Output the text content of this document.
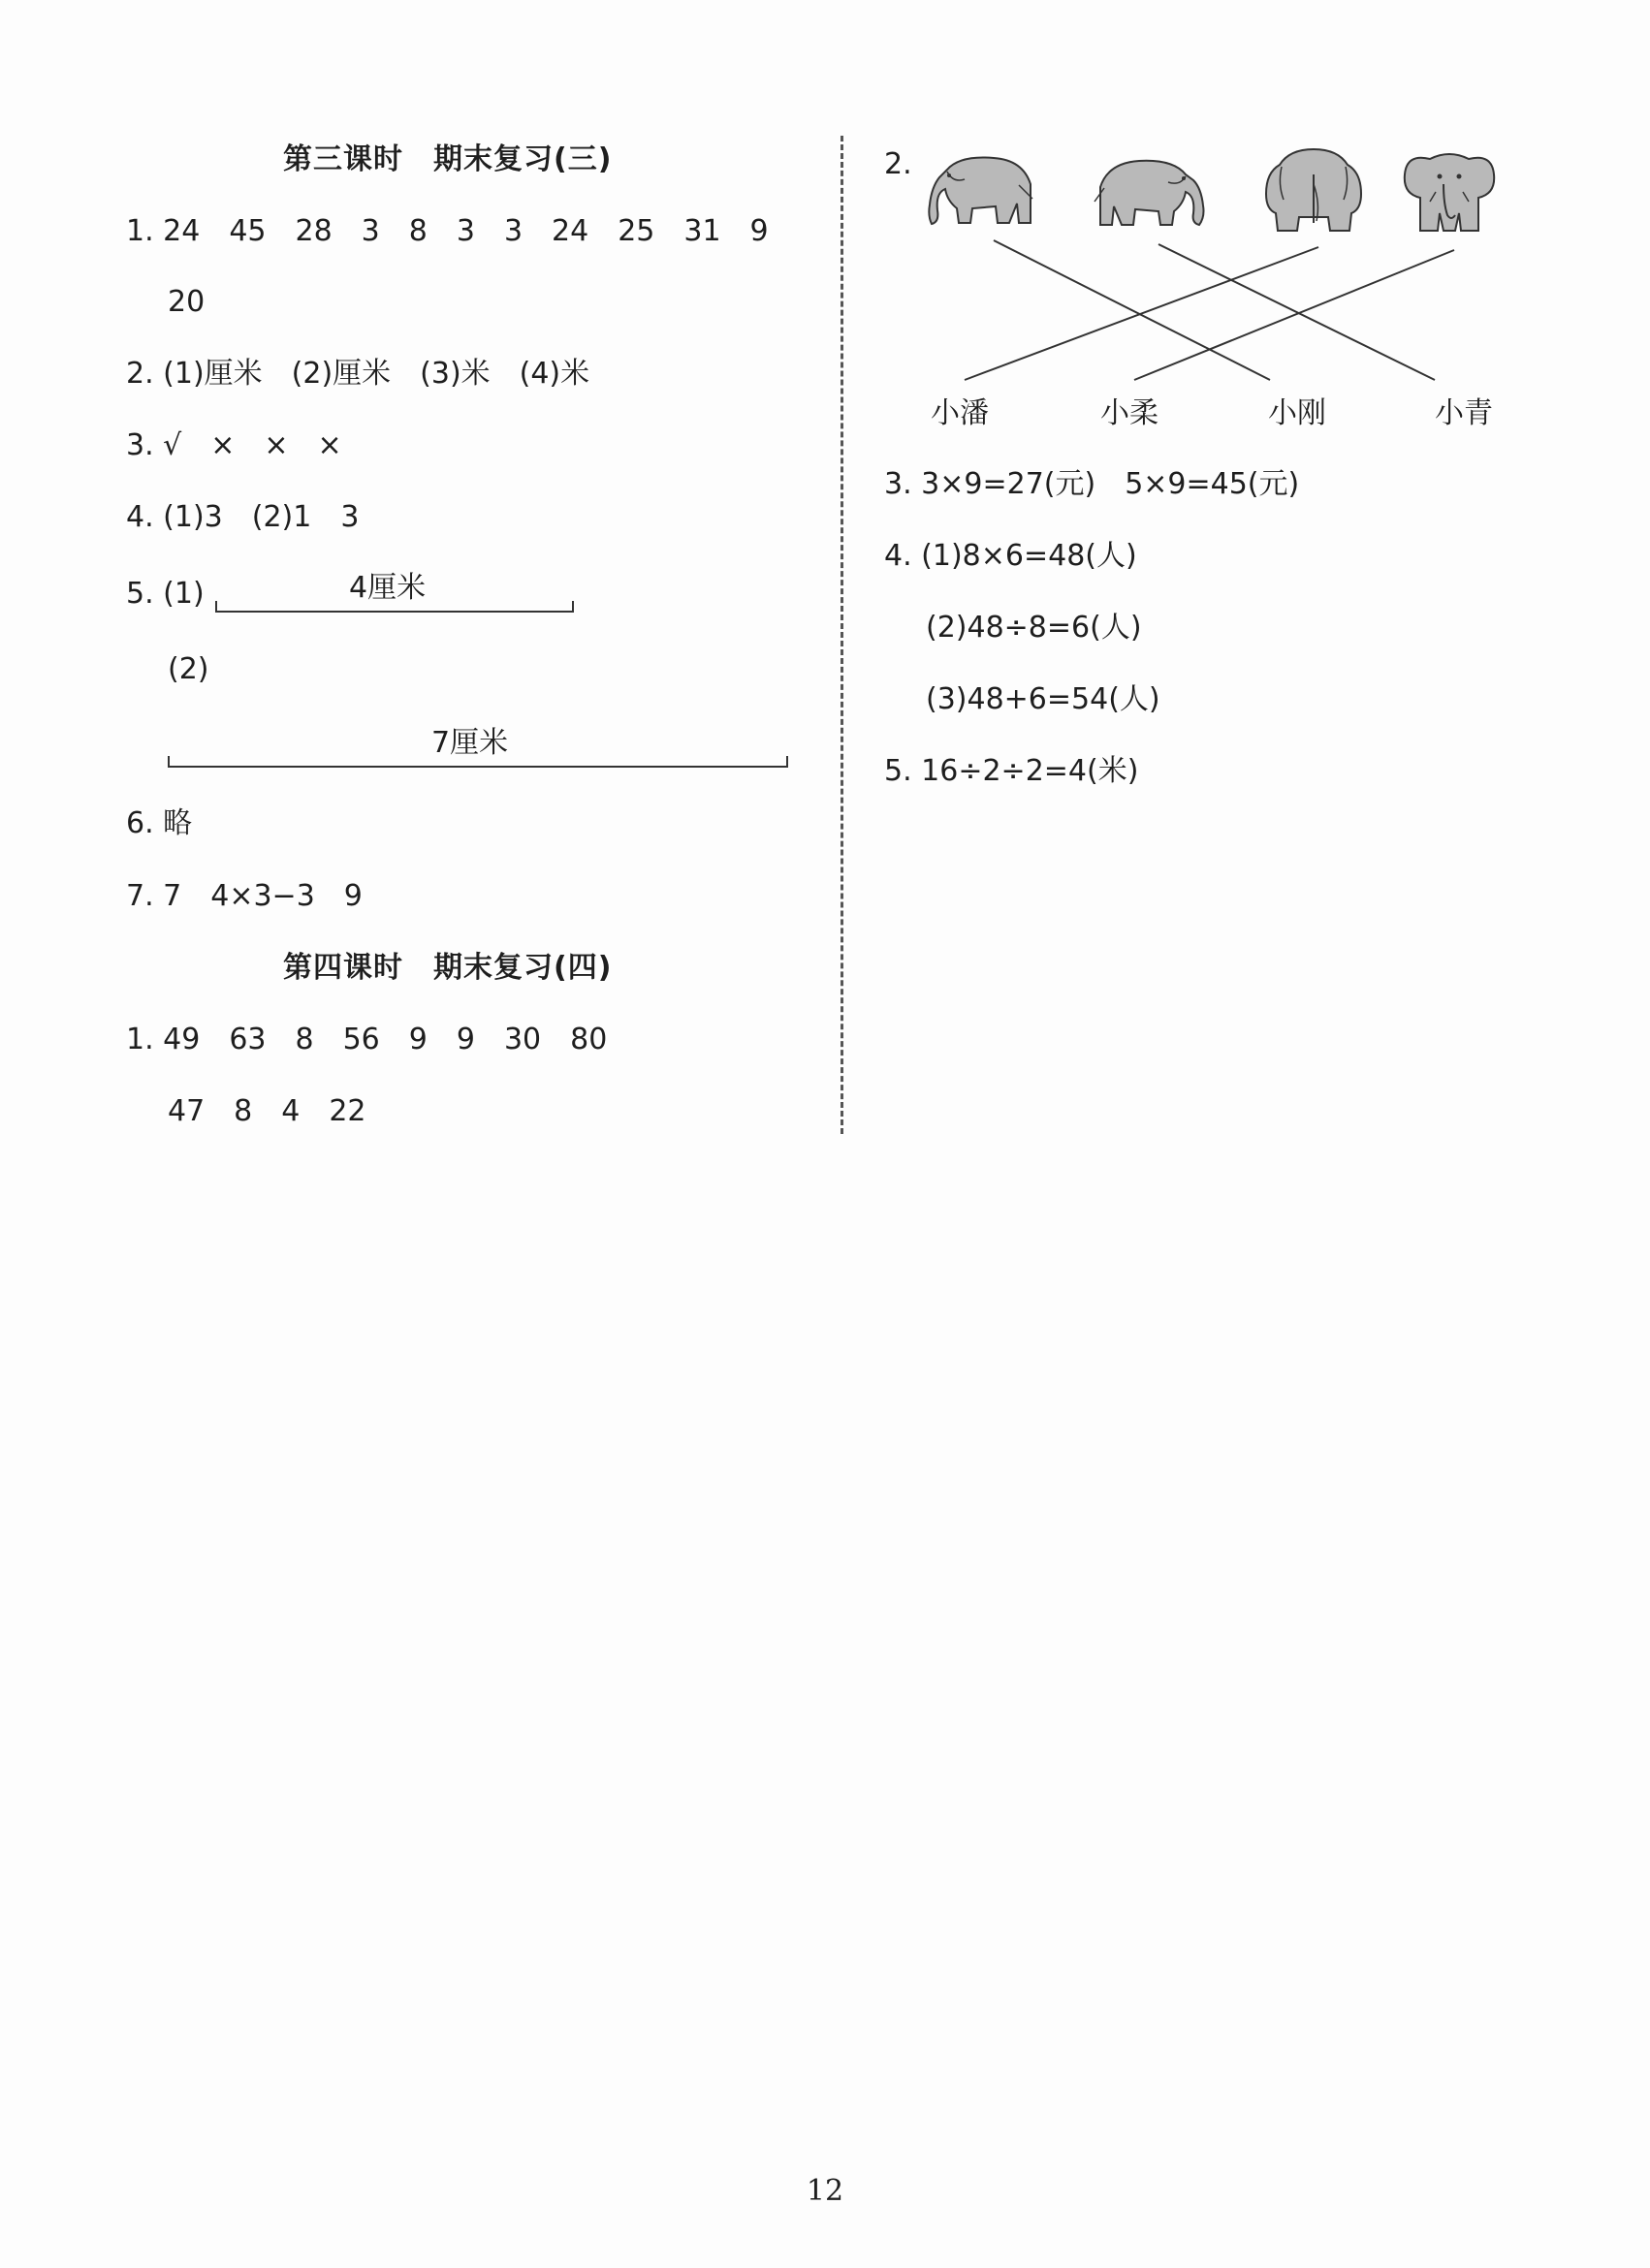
第三课时　期末复习(三)
1. 24　45　28　3　8　3　3　24　25　31　9
20
2. (1)厘米　(2)厘米　(3)米　(4)米
3. √　×　×　×
4. (1)3　(2)1　3
5. (1)	4厘米
(2)
7厘米
6. 略
7. 7　4×3−3　9
第四课时　期末复习(四)
1. 49　63　8　56　9　9　30　80
47　8　4　22
2.
小潘	小柔	小刚	小青
3. 3×9=27(元)　5×9=45(元)
4. (1)8×6=48(人)
(2)48÷8=6(人)
(3)48+6=54(人)
5. 16÷2÷2=4(米)
12
